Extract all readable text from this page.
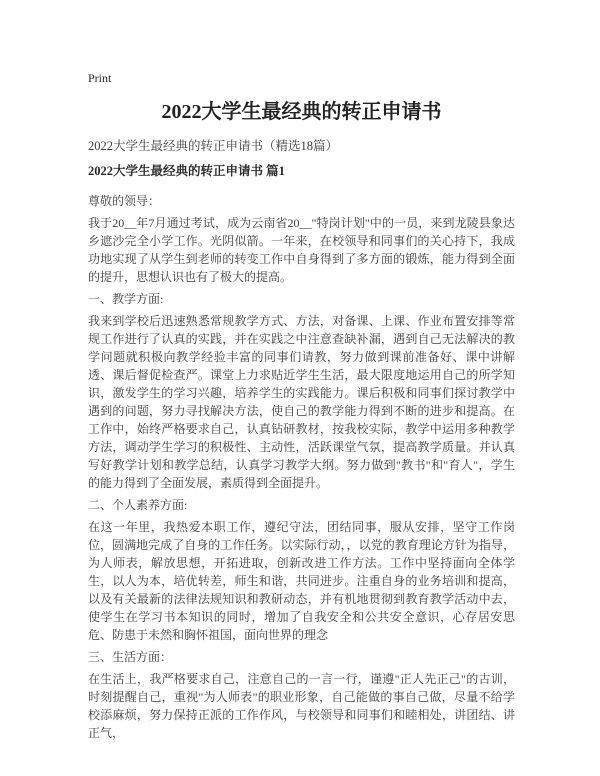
Print
2022大学生最经典的转正申请书

2022大学生最经典的转正申请书（精选18篇）

2022大学生最经典的转正申请书 篇1

尊敬的领导：

我于20__年7月通过考试，成为云南省20__"特岗计划"中的一员，来到龙陵县象达乡遮沙完全小学工作。光阴似箭。一年来，在校领导和同事们的关心持下，我成功地实现了从学生到老师的转变工作中自身得到了多方面的锻炼，能力得到全面的提升，思想认识也有了极大的提高。

一、教学方面:

我来到学校后迅速熟悉常规教学方式、方法，对备课、上课、作业布置安排等常规工作进行了认真的实践，并在实践之中注意查缺补漏，遇到自己无法解决的教学问题就积极向教学经验丰富的同事们请教，努力做到课前准备好、课中讲解透、课后督促检查严。课堂上力求贴近学生生活，最大限度地运用自己的所学知识，激发学生的学习兴趣，培养学生的实践能力。课后积极和同事们探讨教学中遇到的问题，努力寻找解决方法，使自己的教学能力得到不断的进步和提高。在工作中，始终严格要求自己，认真钻研教材，按我校实际，教学中运用多种教学方法，调动学生学习的积极性、主动性，活跃课堂气氛，提高教学质量。并认真写好教学计划和教学总结，认真学习教学大纲。努力做到"教书"和"育人"，学生的能力得到了全面发展，素质得到全面提升。

二、个人素养方面:

在这一年里，我热爱本职工作，遵纪守法，团结同事，服从安排，坚守工作岗位，圆满地完成了自身的工作任务。以实际行动，，以党的教育理论方针为指导，为人师表，解放思想，开拓进取，创新改进工作方法。工作中坚持面向全体学生，以人为本，培优转差，师生和谐，共同进步。注重自身的业务培训和提高，以及有关最新的法律法规知识和教研动态，并有机地贯彻到教育教学活动中去，使学生在学习书本知识的同时，增加了自我安全和公共安全意识，心存居安思危、防患于未然和胸怀祖国，面向世界的理念

三、生活方面：

在生活上，我严格要求自己，注意自己的一言一行，谨遵"正人先正己"的古训，时刻提醒自己，重视"为人师表"的职业形象，自己能做的事自己做，尽量不给学校添麻烦，努力保持正派的工作作风，与校领导和同事们和睦相处，讲团结、讲正气，
